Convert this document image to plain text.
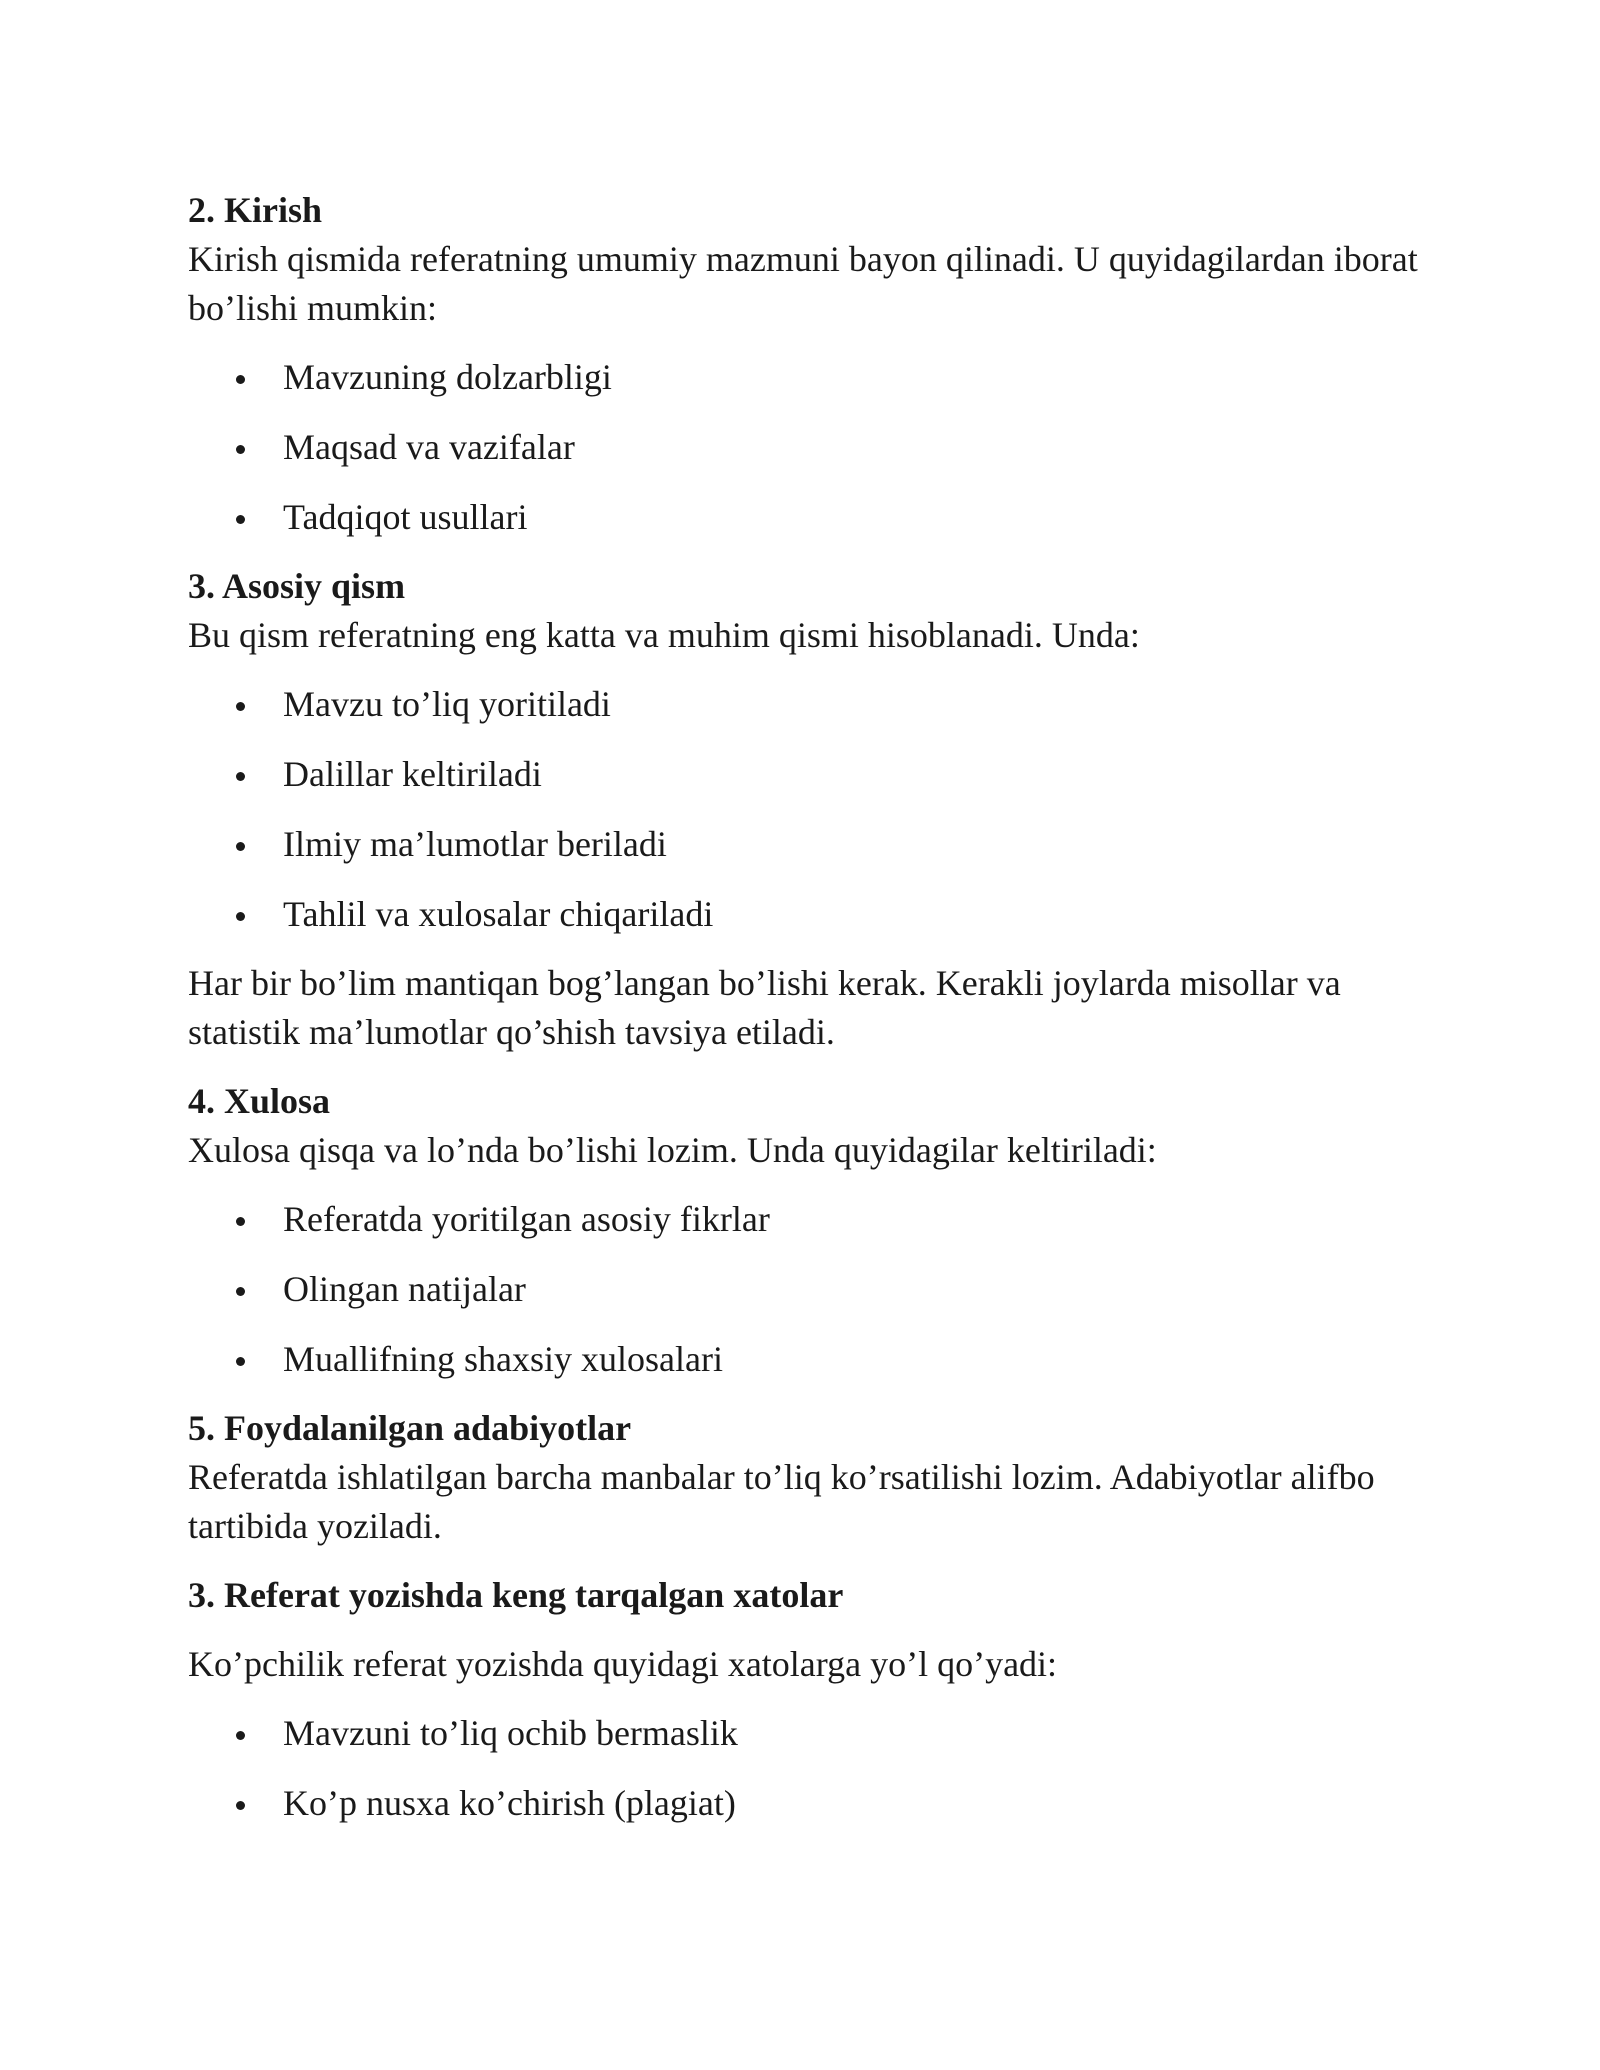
2. Kirish

Kirish qismida referatning umumiy mazmuni bayon qilinadi. U quyidagilardan iborat bo’lishi mumkin:

Mavzuning dolzarbligi
Maqsad va vazifalar
Tadqiqot usullari

3. Asosiy qism

Bu qism referatning eng katta va muhim qismi hisoblanadi. Unda:

Mavzu to’liq yoritiladi
Dalillar keltiriladi
Ilmiy ma’lumotlar beriladi
Tahlil va xulosalar chiqariladi

Har bir bo’lim mantiqan bog’langan bo’lishi kerak. Kerakli joylarda misollar va statistik ma’lumotlar qo’shish tavsiya etiladi.

4. Xulosa

Xulosa qisqa va lo’nda bo’lishi lozim. Unda quyidagilar keltiriladi:

Referatda yoritilgan asosiy fikrlar
Olingan natijalar
Muallifning shaxsiy xulosalari

5. Foydalanilgan adabiyotlar

Referatda ishlatilgan barcha manbalar to’liq ko’rsatilishi lozim. Adabiyotlar alifbo tartibida yoziladi.

3. Referat yozishda keng tarqalgan xatolar

Ko’pchilik referat yozishda quyidagi xatolarga yo’l qo’yadi:

Mavzuni to’liq ochib bermaslik
Ko’p nusxa ko’chirish (plagiat)
